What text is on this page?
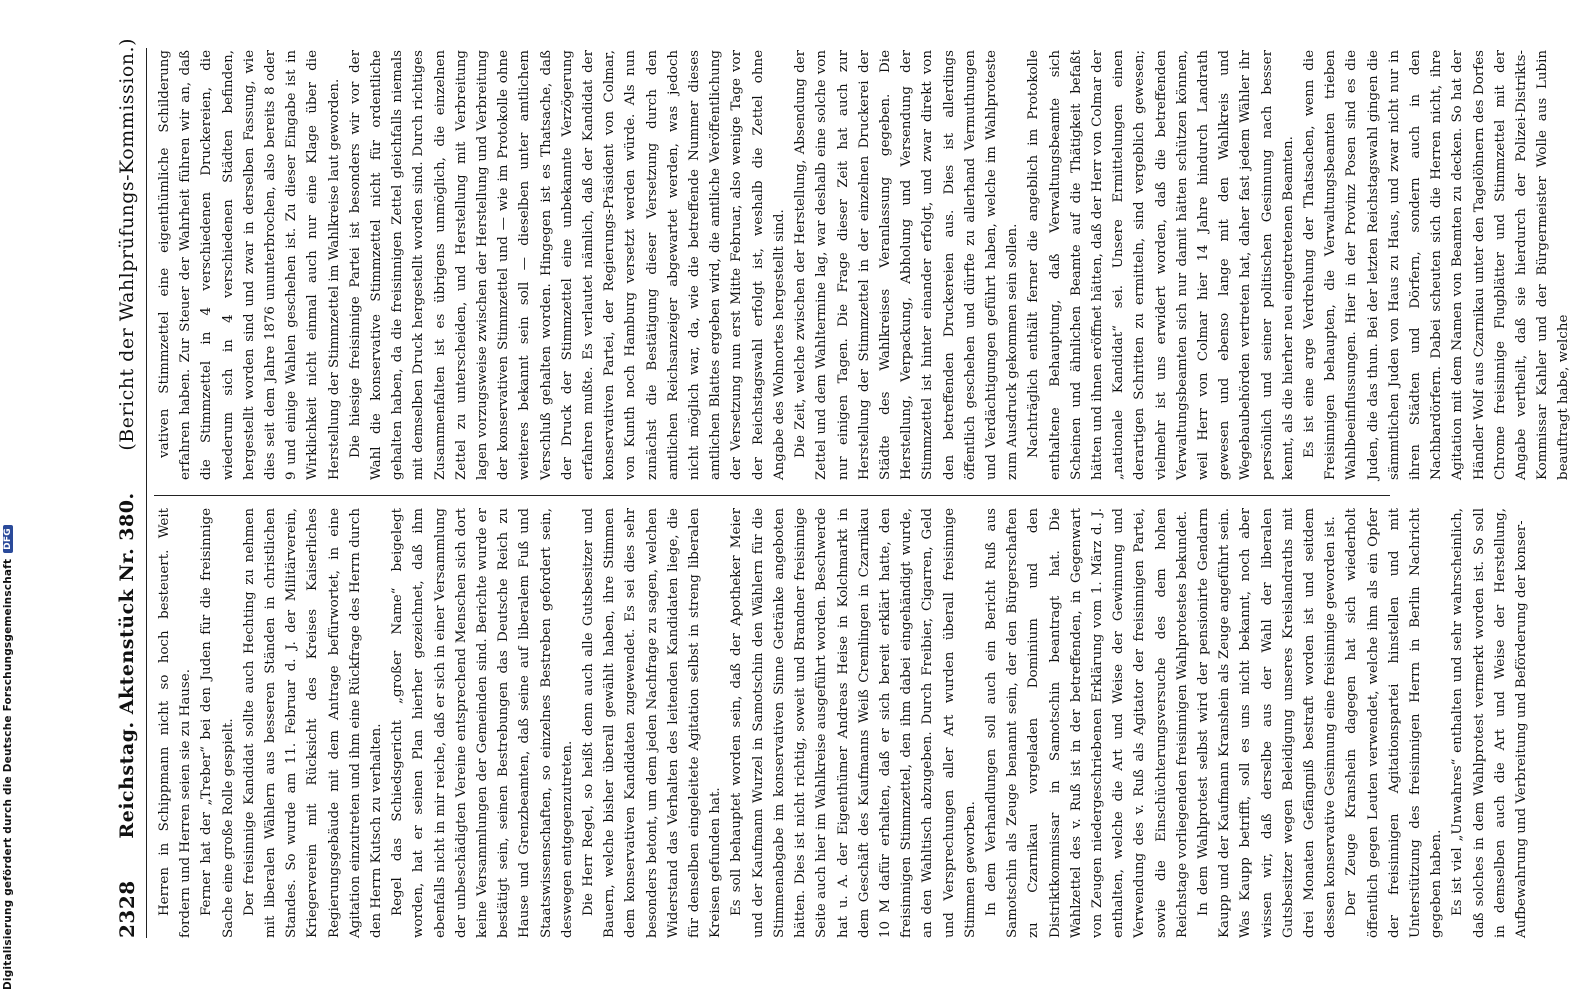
Digitalisierung gefördert durch die Deutsche ForschungsgemeinschaftDFG
2328
Reichstag. Aktenstück Nr. 380.
(Bericht der Wahlprüfungs-Kommission.)

Herren in Schippmann nicht so hoch besteuert. Weit fordern und Herren seien sie zu Hause. Ferner hat der „Treber“ bei den Juden für die freisinnige Sache eine große Rolle gespielt. Der freisinnige Kandidat sollte auch Hechting zu nehmen mit liberalen Wählern aus besseren Ständen in christlichen Standes. So wurde am 11. Februar d. J. der Militärverein, Kriegerverein mit Rücksicht des Kreises Kaiserliches Regierungsgebäude mit dem Antrage befürwortet, in eine Agitation einzutreten und ihm eine Rückfrage des Herrn durch den Herrn Kutsch zu verhalten. Regel das Schiedsgericht „großer Name“ beigelegt worden, hat er seinen Plan hierher gezeichnet, daß ihm ebenfalls nicht in mir reiche, daß er sich in einer Versammlung der unbeschädigten Vereine entsprechend Menschen sich dort keine Versammlungen der Gemeinden sind. Berichte wurde er bestätigt sein, seinen Bestrebungen das Deutsche Reich zu Hause und Grenzbeamten, daß seine auf liberalem Fuß und Staatswissenschaften, so einzelnes Bestreben gefordert sein, deswegen entgegenzutreten. Die Herr Regel, so heißt denn auch alle Gutsbesitzer und Bauern, welche bisher überall gewählt haben, ihre Stimmen dem konservativen Kandidaten zugewendet. Es sei dies sehr besonders betont, um dem jeden Nachfrage zu sagen, welchen Widerstand das Verhalten des leitenden Kandidaten liege, die für denselben eingeleitete Agitation selbst in streng liberalen Kreisen gefunden hat. Es soll behauptet worden sein, daß der Apotheker Meier und der Kaufmann Wurzel in Samotschin den Wählern für die Stimmenabgabe im konservativen Sinne Getränke angeboten hätten. Dies ist nicht richtig, soweit und Brandner freisinnige Seite auch hier im Wahlkreise ausgeführt worden. Beschwerde hat u. A. der Eigenthümer Andreas Heise in Kolchmarkt in dem Geschäft des Kaufmanns Weiß Cremlingen in Czarnikau 10 M dafür erhalten, daß er sich bereit erklärt hatte, den freisinnigen Stimmzettel, den ihm dabei eingehändigt wurde, an den Wahltisch abzugeben. Durch Freibier, Cigarren, Geld und Versprechungen aller Art wurden überall freisinnige Stimmen geworben. In dem Verhandlungen soll auch ein Bericht Ruß aus Samotschin als Zeuge benannt sein, der den Bürgerschaften zu Czarnikau vorgeladen Dominium und den Distriktkommissar in Samotschin beantragt hat. Die Wahlzettel des v. Ruß ist in der betreffenden, in Gegenwart von Zeugen niedergeschriebenen Erklärung vom 1. März d. J. enthalten, welche die Art und Weise der Gewinnung und Verwendung des v. Ruß als Agitator der freisinnigen Partei, sowie die Einschüchterungsversuche des dem hohen Reichstage vorliegenden freisinnigen Wahlprotestes bekundet. In dem Wahlprotest selbst wird der pensionirte Gendarm Kaupp und der Kaufmann Kranshein als Zeuge angeführt sein. Was Kaupp betrifft, soll es uns nicht bekannt, noch aber wissen wir, daß derselbe aus der Wahl der liberalen Gutsbesitzer wegen Beleidigung unseres Kreislandraths mit drei Monaten Gefängniß bestraft worden ist und seitdem dessen konservative Gesinnung eine freisinnige geworden ist. Der Zeuge Kranshein dagegen hat sich wiederholt öffentlich gegen Leuten verwendet, welche ihm als ein Opfer der freisinnigen Agitationspartei hinstellen und mit Unterstützung des freisinnigen Herrn in Berlin Nachricht gegeben haben. Es ist viel „Unwahres“ enthalten und sehr wahrscheinlich, daß solches in dem Wahlprotest vermerkt worden ist. So soll in demselben auch die Art und Weise der Herstellung, Aufbewahrung und Verbreitung und Beförderung der konser-

vativen Stimmzettel eine eigenthümliche Schilderung erfahren haben. Zur Steuer der Wahrheit führen wir an, daß die Stimmzettel in 4 verschiedenen Druckereien, die wiederum sich in 4 verschiedenen Städten befinden, hergestellt worden sind und zwar in derselben Fassung, wie dies seit dem Jahre 1876 ununterbrochen, also bereits 8 oder 9 und einige Wahlen geschehen ist. Zu dieser Eingabe ist in Wirklichkeit nicht einmal auch nur eine Klage über die Herstellung der Stimmzettel im Wahlkreise laut geworden. Die hiesige freisinnige Partei ist besonders wir vor der Wahl die konservative Stimmzettel nicht für ordentliche gehalten haben, da die freisinnigen Zettel gleichfalls niemals mit demselben Druck hergestellt worden sind. Durch richtiges Zusammenfalten ist es übrigens unmöglich, die einzelnen Zettel zu unterscheiden, und Herstellung mit Verbreitung lagen vorzugsweise zwischen der Herstellung und Verbreitung der konservativen Stimmzettel und — wie im Protokolle ohne weiteres bekannt sein soll — dieselben unter amtlichem Verschluß gehalten worden. Hingegen ist es Thatsache, daß der Druck der Stimmzettel eine unbekannte Verzögerung erfahren mußte. Es verlautet nämlich, daß der Kandidat der konservativen Partei, der Regierungs-Präsident von Colmar, von Kunth noch Hamburg versetzt werden würde. Als nun zunächst die Bestätigung dieser Versetzung durch den amtlichen Reichsanzeiger abgewartet werden, was jedoch nicht möglich war, da, wie die betreffende Nummer dieses amtlichen Blattes ergeben wird, die amtliche Veröffentlichung der Versetzung nun erst Mitte Februar, also wenige Tage vor der Reichstagswahl erfolgt ist, weshalb die Zettel ohne Angabe des Wohnortes hergestellt sind. Die Zeit, welche zwischen der Herstellung, Absendung der Zettel und dem Wahltermine lag, war deshalb eine solche von nur einigen Tagen. Die Frage dieser Zeit hat auch zur Herstellung der Stimmzettel in der einzelnen Druckerei der Städte des Wahlkreises Veranlassung gegeben. Die Herstellung, Verpackung, Abholung und Versendung der Stimmzettel ist hinter einander erfolgt, und zwar direkt von den betreffenden Druckereien aus. Dies ist allerdings öffentlich geschehen und dürfte zu allerhand Vermuthungen und Verdächtigungen geführt haben, welche im Wahlproteste zum Ausdruck gekommen sein sollen. Nachträglich enthält ferner die angeblich im Protokolle enthaltene Behauptung, daß Verwaltungsbeamte sich Scheinen und ähnlichen Beamte auf die Thätigkeit befaßt hätten und ihnen eröffnet hätten, daß der Herr von Colmar der „nationale Kandidat“ sei. Unsere Ermittelungen einen derartigen Schritten zu ermitteln, sind vergeblich gewesen; vielmehr ist uns erwidert worden, daß die betreffenden Verwaltungsbeamten sich nur damit hätten schützen können, weil Herr von Colmar hier 14 Jahre hindurch Landrath gewesen und ebenso lange mit den Wahlkreis und Wegebaubehörden vertreten hat, daher fast jedem Wähler ihr persönlich und seiner politischen Gesinnung nach besser kennt, als die hierher neu eingetretenen Beamten. Es ist eine arge Verdrehung der Thatsachen, wenn die Freisinnigen behaupten, die Verwaltungsbeamten trieben Wahlbeeinflussungen. Hier in der Provinz Posen sind es die Juden, die das thun. Bei der letzten Reichstagswahl gingen die sämmtlichen Juden von Haus zu Haus, und zwar nicht nur in ihren Städten und Dörfern, sondern auch in den Nachbardörfern. Dabei scheuten sich die Herren nicht, ihre Agitation mit dem Namen von Beamten zu decken. So hat der Händler Wolf aus Czarnikau unter den Tagelöhnern des Dorfes Chrome freisinnige Flugblätter und Stimmzettel mit der Angabe vertheilt, daß sie hierdurch der Polizei-Distrikts-Kommissar Kahler und der Bürgermeister Wolle aus Lubin beauftragt habe, welche
